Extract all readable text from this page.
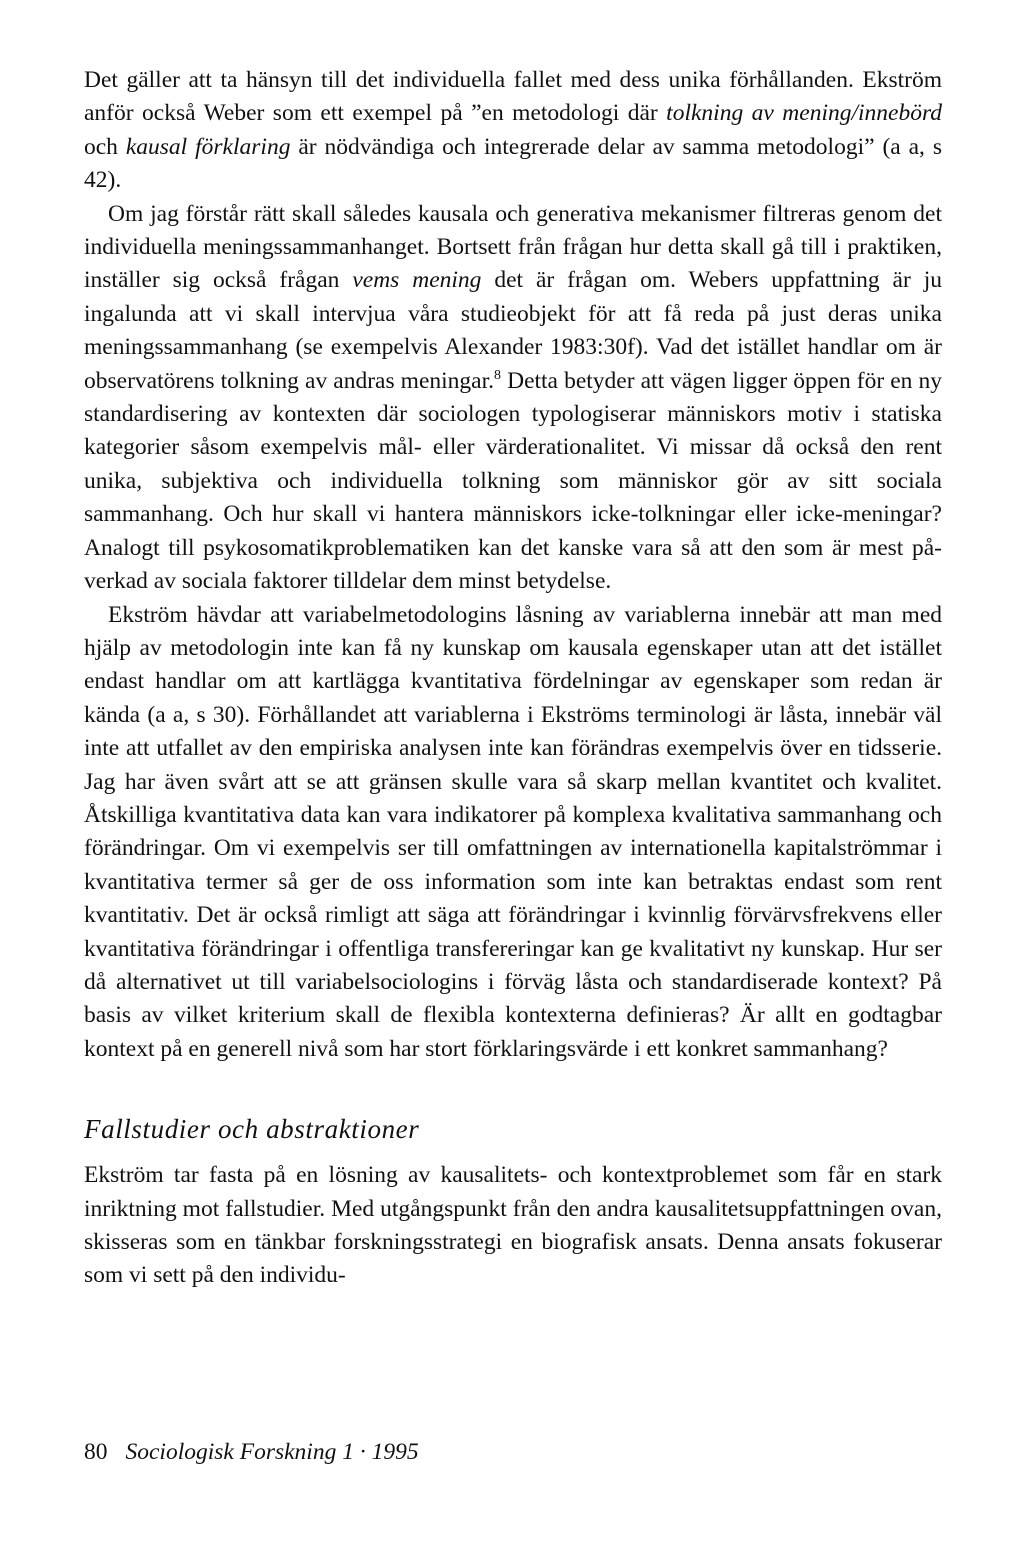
Det gäller att ta hänsyn till det individuella fallet med dess unika förhållanden. Ekström anför också Weber som ett exempel på ”en metodologi där tolkning av mening/innebörd och kausal förklaring är nödvändiga och integrerade delar av samma metodologi” (a a, s 42).

Om jag förstår rätt skall således kausala och generativa mekanismer filtreras genom det individuella meningssammanhanget. Bortsett från frågan hur detta skall gå till i praktiken, inställer sig också frågan vems mening det är frågan om. Webers uppfattning är ju ingalunda att vi skall intervjua våra studieobjekt för att få reda på just deras unika meningssammanhang (se exempelvis Alexander 1983:30f). Vad det istället handlar om är observatörens tolkning av andras meningar.$^8$ Detta betyder att vägen ligger öppen för en ny standardisering av kontexten där sociologen typologiserar människors motiv i statiska kategorier såsom exempelvis mål- eller värderationalitet. Vi missar då också den rent unika, subjektiva och individuella tolkning som människor gör av sitt sociala sammanhang. Och hur skall vi hantera människors icke-tolkningar eller icke-meningar? Analogt till psykosomatikproblematiken kan det kanske vara så att den som är mest påverkad av sociala faktorer tilldelar dem minst betydelse.

Ekström hävdar att variabelmetodologins låsning av variablerna innebär att man med hjälp av metodologin inte kan få ny kunskap om kausala egenskaper utan att det istället endast handlar om att kartlägga kvantitativa fördelningar av egenskaper som redan är kända (a a, s 30). Förhållandet att variablerna i Ekströms terminologi är låsta, innebär väl inte att utfallet av den empiriska analysen inte kan förändras exempelvis över en tidsserie. Jag har även svårt att se att gränsen skulle vara så skarp mellan kvantitet och kvalitet. Åtskilliga kvantitativa data kan vara indikatorer på komplexa kvalitativa sammanhang och förändringar. Om vi exempelvis ser till omfattningen av internationella kapitalströmmar i kvantitativa termer så ger de oss information som inte kan betraktas endast som rent kvantitativ. Det är också rimligt att säga att förändringar i kvinnlig förvärvsfrekvens eller kvantitativa förändringar i offentliga transfereringar kan ge kvalitativt ny kunskap. Hur ser då alternativet ut till variabelsociologins i förväg låsta och standardiserade kontext? På basis av vilket kriterium skall de flexibla kontexterna definieras? Är allt en godtagbar kontext på en generell nivå som har stort förklaringsvärde i ett konkret sammanhang?

Fallstudier och abstraktioner

Ekström tar fasta på en lösning av kausalitets- och kontextproblemet som får en stark inriktning mot fallstudier. Med utgångspunkt från den andra kausalitetsuppfattningen ovan, skisseras som en tänkbar forskningsstrategi en biografisk ansats. Denna ansats fokuserar som vi sett på den individu-

80 Sociologisk Forskning 1 · 1995
